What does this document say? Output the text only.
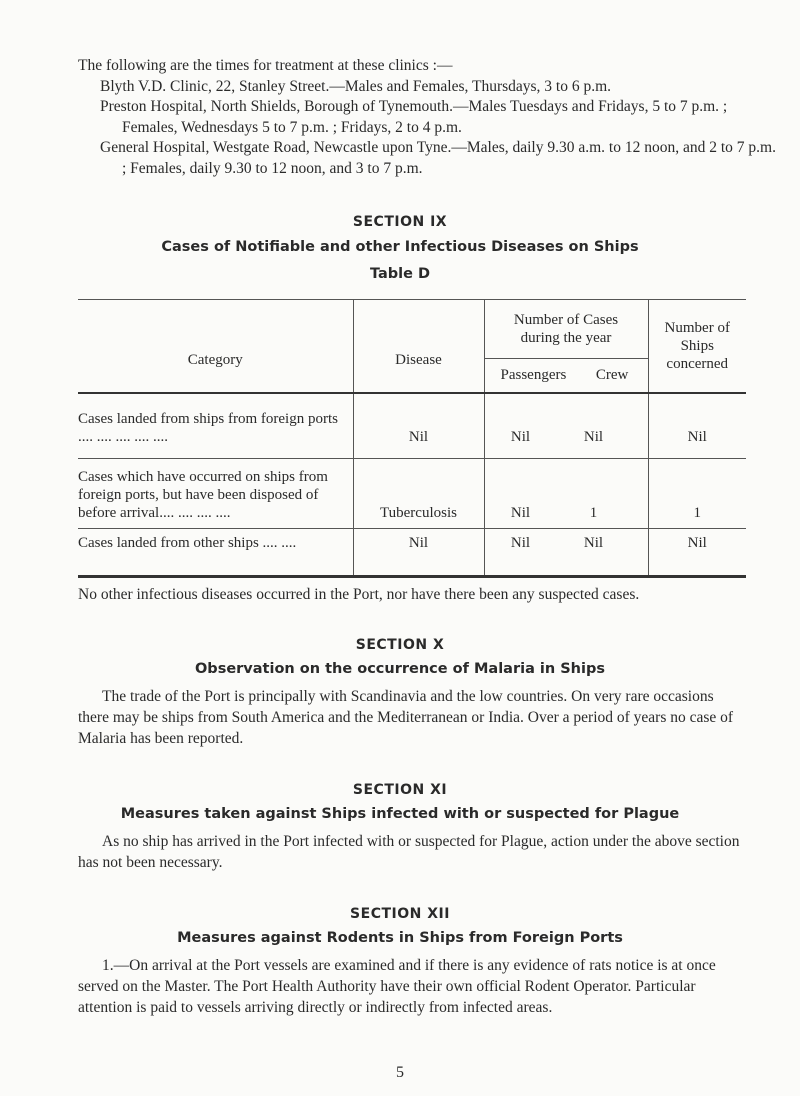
The following are the times for treatment at these clinics :—

Blyth V.D. Clinic, 22, Stanley Street.—Males and Females, Thursdays, 3 to 6 p.m.

Preston Hospital, North Shields, Borough of Tynemouth.—Males Tuesdays and Fridays, 5 to 7 p.m. ; Females, Wednesdays 5 to 7 p.m. ; Fridays, 2 to 4 p.m.

General Hospital, Westgate Road, Newcastle upon Tyne.—Males, daily 9.30 a.m. to 12 noon, and 2 to 7 p.m. ; Females, daily 9.30 to 12 noon, and 3 to 7 p.m.

SECTION IX
Cases of Notifiable and other Infectious Diseases on Ships
Table D
Category	Disease	Number of Cases during the year	Number of Ships concerned
		Passengers Crew	
Cases landed from ships from foreign ports .... .... .... .... ....	Nil	Nil Nil	Nil
Cases which have occurred on ships from foreign ports, but have been disposed of before arrival.... .... .... ....	Tuberculosis	Nil 1	1
Cases landed from other ships .... ....	Nil	Nil Nil	Nil

No other infectious diseases occurred in the Port, nor have there been any suspected cases.

SECTION X
Observation on the occurrence of Malaria in Ships

The trade of the Port is principally with Scandinavia and the low countries. On very rare occasions there may be ships from South America and the Mediterranean or India. Over a period of years no case of Malaria has been reported.

SECTION XI
Measures taken against Ships infected with or suspected for Plague

As no ship has arrived in the Port infected with or suspected for Plague, action under the above section has not been necessary.

SECTION XII
Measures against Rodents in Ships from Foreign Ports

1.—On arrival at the Port vessels are examined and if there is any evidence of rats notice is at once served on the Master. The Port Health Authority have their own official Rodent Operator. Particular attention is paid to vessels arriving directly or indirectly from infected areas.

5
